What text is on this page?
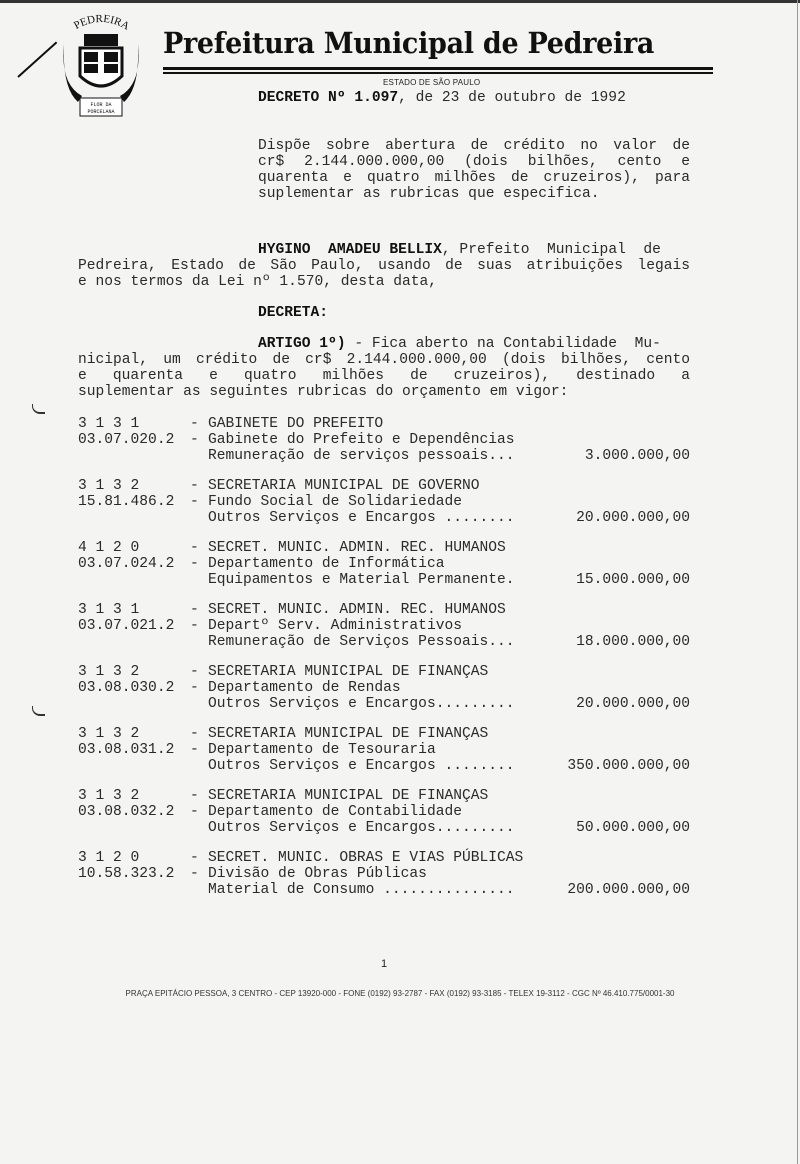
PEDREIRA
FLOR DA
PORCELANA
Prefeitura Municipal de Pedreira
ESTADO DE SÃO PAULO
DECRETO Nº 1.097, de 23 de outubro de 1992
Dispõe sobre abertura de crédito no valor de
cr$ 2.144.000.000,00 (dois bilhões, cento e
quarenta e quatro milhões de cruzeiros), para
suplementar as rubricas que especifica.
HYGINO  AMADEU BELLIX, Prefeito  Municipal  de
Pedreira, Estado de São Paulo, usando de suas atribuições legais
e nos termos da Lei nº 1.570, desta data,
DECRETA:
ARTIGO 1º) - Fica aberto na Contabilidade  Mu-
nicipal, um crédito de cr$ 2.144.000.000,00 (dois bilhões, cento
e quarenta e quatro milhões de cruzeiros), destinado a
suplementar as seguintes rubricas do orçamento em vigor:
3 1 3 1	- GABINETE DO PREFEITO
03.07.020.2 - Gabinete do Prefeito e Dependências
Remuneração de serviços pessoais...	3.000.000,00
3 1 3 2	- SECRETARIA MUNICIPAL DE GOVERNO
15.81.486.2 - Fundo Social de Solidariedade
Outros Serviços e Encargos ........	20.000.000,00
4 1 2 0	- SECRET. MUNIC. ADMIN. REC. HUMANOS
03.07.024.2 - Departamento de Informática
Equipamentos e Material Permanente.	15.000.000,00
3 1 3 1	- SECRET. MUNIC. ADMIN. REC. HUMANOS
03.07.021.2 - Departº Serv. Administrativos
Remuneração de Serviços Pessoais...	18.000.000,00
3 1 3 2	- SECRETARIA MUNICIPAL DE FINANÇAS
03.08.030.2 - Departamento de Rendas
Outros Serviços e Encargos.........	20.000.000,00
3 1 3 2	- SECRETARIA MUNICIPAL DE FINANÇAS
03.08.031.2 - Departamento de Tesouraria
Outros Serviços e Encargos ........	350.000.000,00
3 1 3 2	- SECRETARIA MUNICIPAL DE FINANÇAS
03.08.032.2 - Departamento de Contabilidade
Outros Serviços e Encargos.........	50.000.000,00
3 1 2 0	- SECRET. MUNIC. OBRAS E VIAS PÚBLICAS
10.58.323.2 - Divisão de Obras Públicas
Material de Consumo ...............	200.000.000,00
1
PRAÇA EPITÁCIO PESSOA, 3 CENTRO - CEP 13920-000 - FONE (0192) 93-2787 - FAX (0192) 93-3185 - TELEX 19-3112 - CGC Nº 46.410.775/0001-30
